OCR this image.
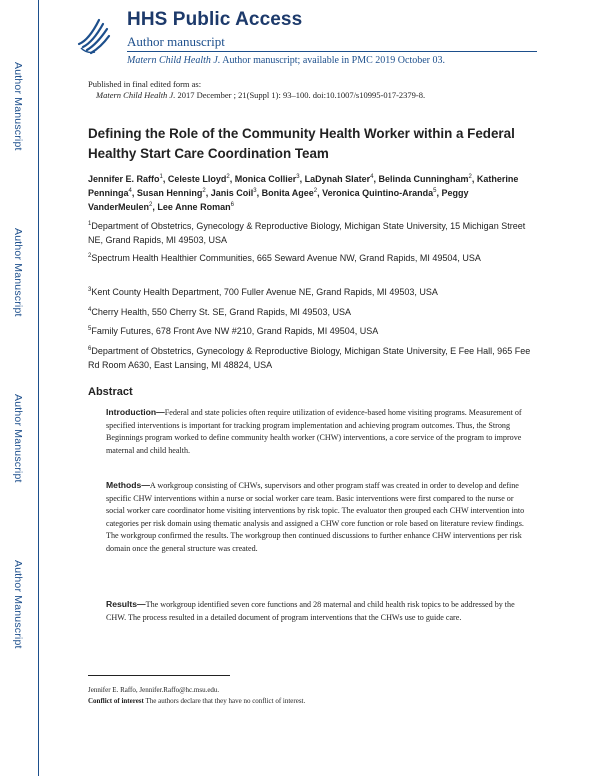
Author Manuscript
Author Manuscript
Author Manuscript
Author Manuscript
HHS Public Access
Author manuscript
Matern Child Health J. Author manuscript; available in PMC 2019 October 03.
Published in final edited form as:
Matern Child Health J. 2017 December ; 21(Suppl 1): 93–100. doi:10.1007/s10995-017-2379-8.
Defining the Role of the Community Health Worker within a Federal Healthy Start Care Coordination Team
Jennifer E. Raffo$^1$, Celeste Lloyd$^2$, Monica Collier$^3$, LaDynah Slater$^4$, Belinda Cunningham$^2$, Katherine Penninga$^4$, Susan Henning$^2$, Janis Coil$^3$, Bonita Agee$^2$, Veronica Quintino-Aranda$^5$, Peggy VanderMeulen$^2$, Lee Anne Roman$^6$
$^1$Department of Obstetrics, Gynecology & Reproductive Biology, Michigan State University, 15 Michigan Street NE, Grand Rapids, MI 49503, USA
$^2$Spectrum Health Healthier Communities, 665 Seward Avenue NW, Grand Rapids, MI 49504, USA
$^3$Kent County Health Department, 700 Fuller Avenue NE, Grand Rapids, MI 49503, USA
$^4$Cherry Health, 550 Cherry St. SE, Grand Rapids, MI 49503, USA
$^5$Family Futures, 678 Front Ave NW #210, Grand Rapids, MI 49504, USA
$^6$Department of Obstetrics, Gynecology & Reproductive Biology, Michigan State University, E Fee Hall, 965 Fee Rd Room A630, East Lansing, MI 48824, USA
Abstract
Introduction—Federal and state policies often require utilization of evidence-based home visiting programs. Measurement of specified interventions is important for tracking program implementation and achieving program outcomes. Thus, the Strong Beginnings program worked to define community health worker (CHW) interventions, a core service of the program to improve maternal and child health.
Methods—A workgroup consisting of CHWs, supervisors and other program staff was created in order to develop and define specific CHW interventions within a nurse or social worker care team. Basic interventions were first compared to the nurse or social worker care coordinator home visiting interventions by risk topic. The evaluator then grouped each CHW intervention into categories per risk domain using thematic analysis and assigned a CHW core function or role based on literature review findings. The workgroup confirmed the results. The workgroup then continued discussions to further enhance CHW interventions per risk domain once the general structure was created.
Results—The workgroup identified seven core functions and 28 maternal and child health risk topics to be addressed by the CHW. The process resulted in a detailed document of program interventions that the CHWs use to guide care.
Jennifer E. Raffo, Jennifer.Raffo@hc.msu.edu.
Conflict of interest The authors declare that they have no conflict of interest.
